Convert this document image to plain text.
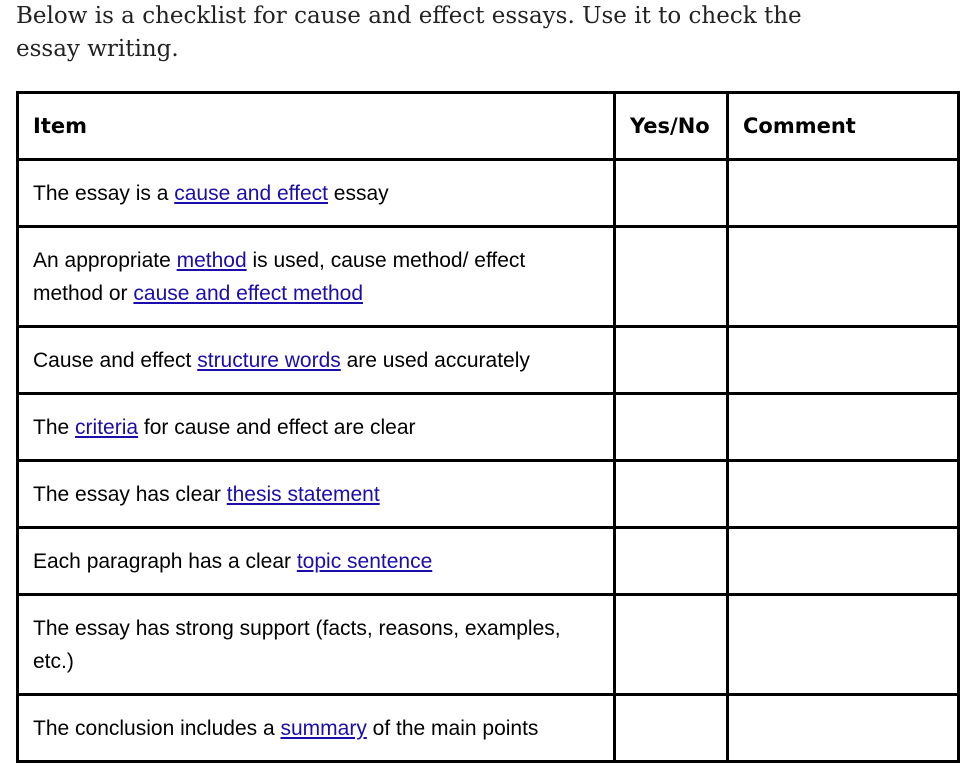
Below is a checklist for cause and effect essays. Use it to check the essay writing.

Item	Yes/No	Comment
The essay is a cause and effect essay		
An appropriate method is used, cause method/ effect method or cause and effect method		
Cause and effect structure words are used accurately		
The criteria for cause and effect are clear		
The essay has clear thesis statement		
Each paragraph has a clear topic sentence		
The essay has strong support (facts, reasons, examples, etc.)		
The conclusion includes a summary of the main points		
